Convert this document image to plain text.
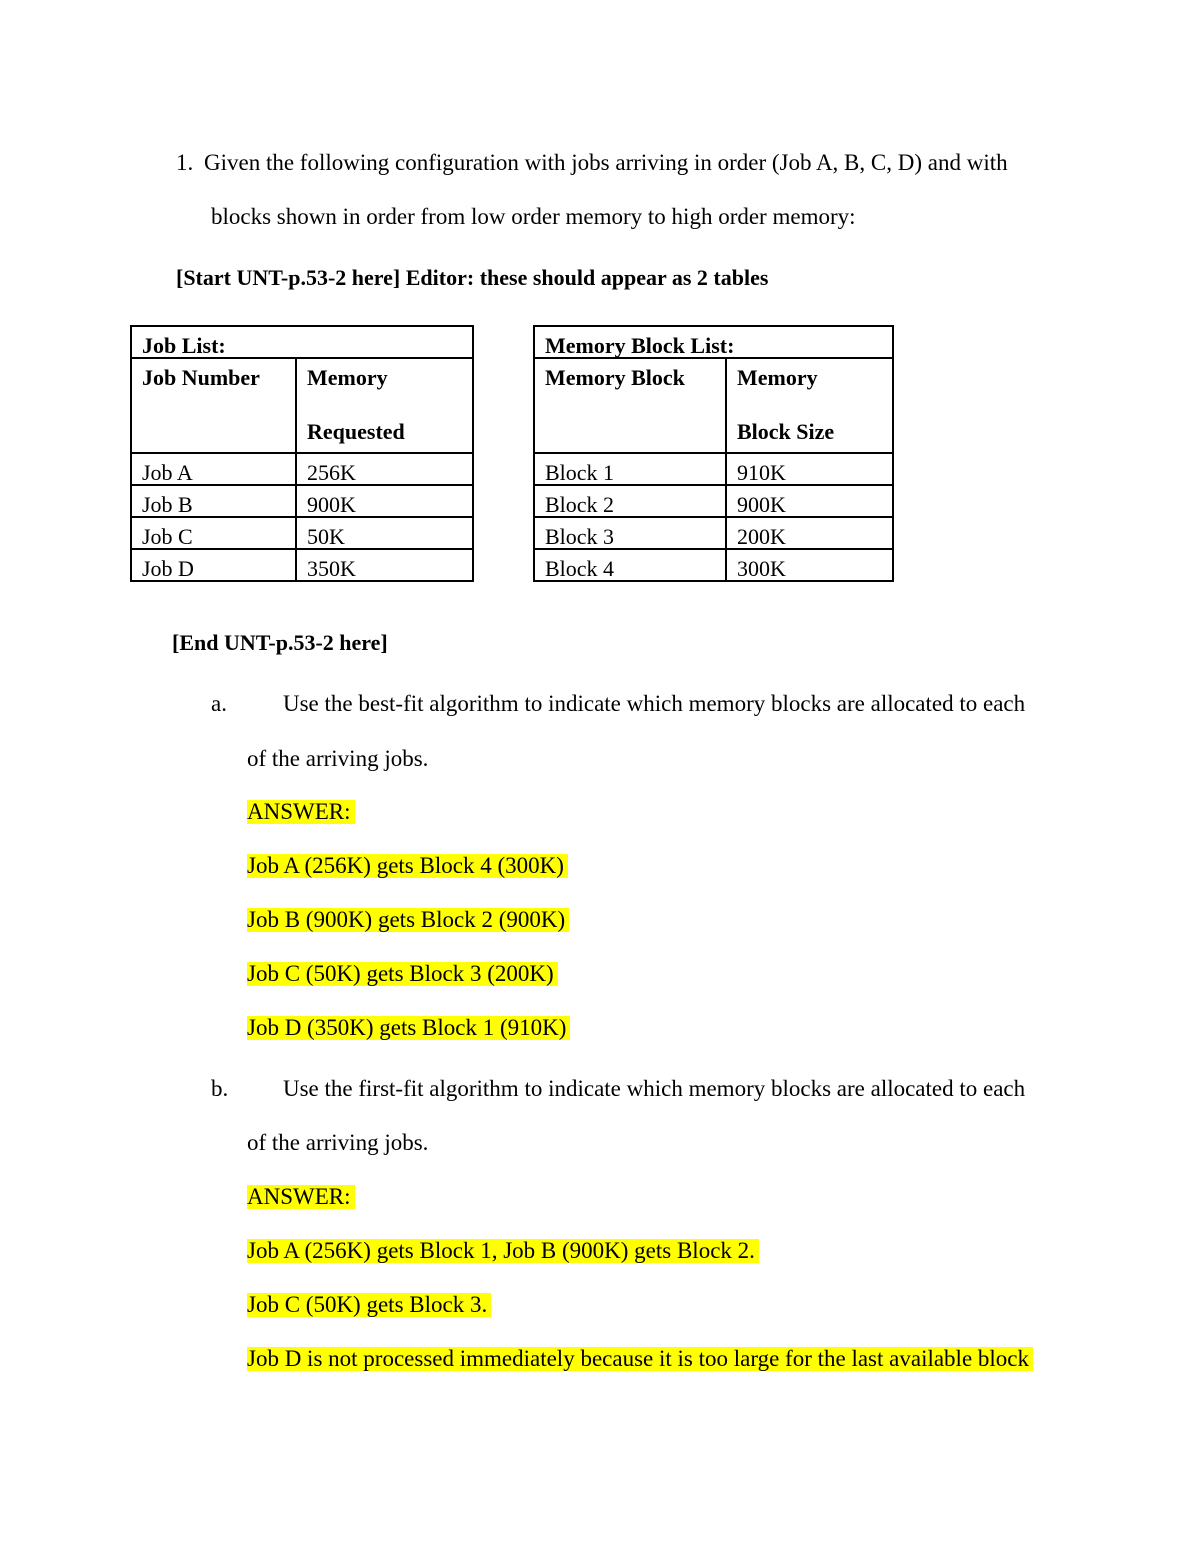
1. Given the following configuration with jobs arriving in order (Job A, B, C, D) and with
blocks shown in order from low order memory to high order memory:
[Start UNT-p.53-2 here] Editor: these should appear as 2 tables
Job List:	
Job Number	Memory
Requested

Job A	256K
Job B	900K
Job C	50K
Job D	350K
Memory Block List:	
Memory Block	Memory
Block Size

Block 1	910K
Block 2	900K
Block 3	200K
Block 4	300K
[End UNT-p.53-2 here]
a. Use the best-fit algorithm to indicate which memory blocks are allocated to each
of the arriving jobs.
ANSWER:
Job A (256K) gets Block 4 (300K)
Job B (900K) gets Block 2 (900K)
Job C (50K) gets Block 3 (200K)
Job D (350K) gets Block 1 (910K)
b. Use the first-fit algorithm to indicate which memory blocks are allocated to each
of the arriving jobs.
ANSWER:
Job A (256K) gets Block 1, Job B (900K) gets Block 2.
Job C (50K) gets Block 3.
Job D is not processed immediately because it is too large for the last available block
